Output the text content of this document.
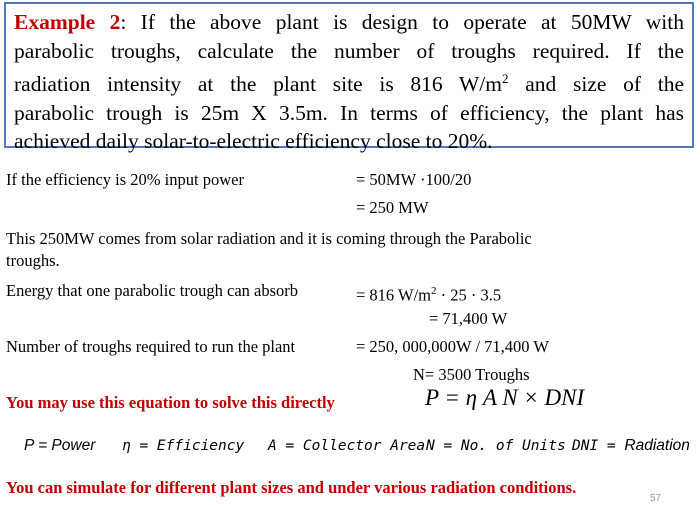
Example 2: If the above plant is design to operate at 50MW with
parabolic troughs, calculate the number of troughs required. If the
radiation intensity at the plant site is 816 $W/m^2$ and size of the
parabolic trough is 25m X 3.5m. In terms of efficiency, the plant has
achieved daily solar-to-electric efficiency close to 20%.
If the efficiency is 20% input power	= 50MW ·100/20
= 250 MW
This 250MW comes from solar radiation and it is coming through the Parabolic
troughs.
Energy that one parabolic trough can absorb	= 816 $W/m^2 \cdot 25 \cdot 3.5$
= 71,400 W
Number of troughs required to run the plant	= 250, 000,000W / 71,400 W
N= 3500 Troughs
You may use this equation to solve this directly	P = η A N × DNI
P = Power η = Efficiency A = Collector Area N = No. of Units DNI = Radiation
You can simulate for different plant sizes and under various radiation conditions.
57
